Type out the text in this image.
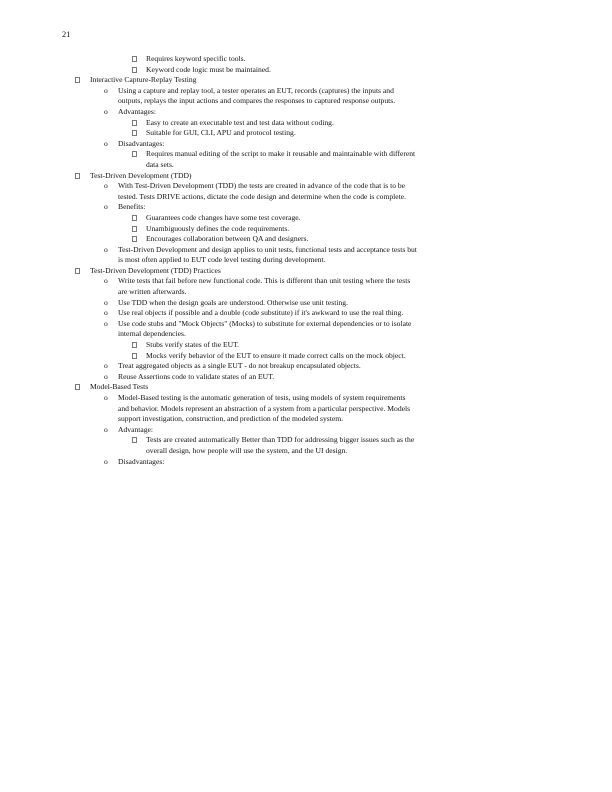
21
Requires keyword specific tools.
Keyword code logic must be maintained.
Interactive Capture-Replay Testing
o Using a capture and replay tool, a tester operates an EUT, records (captures) the inputs and outputs, replays the input actions and compares the responses to captured response outputs.
o Advantages:
Easy to create an executable test and test data without coding.
Suitable for GUI, CLI, APU and protocol testing.
o Disadvantages:
Requires manual editing of the script to make it reusable and maintainable with different data sets.
Test-Driven Development (TDD)
o With Test-Driven Development (TDD) the tests are created in advance of the code that is to be tested. Tests DRIVE actions, dictate the code design and determine when the code is complete.
o Benefits:
Guarantees code changes have some test coverage.
Unambiguously defines the code requirements.
Encourages collaboration between QA and designers.
o Test-Driven Development and design applies to unit tests, functional tests and acceptance tests but is most often applied to EUT code level testing during development.
Test-Driven Development (TDD) Practices
o Write tests that fail before new functional code. This is different than unit testing where the tests are written afterwards.
o Use TDD when the design goals are understood. Otherwise use unit testing.
o Use real objects if possible and a double (code substitute) if it's awkward to use the real thing.
o Use code stubs and "Mock Objects" (Mocks) to substitute for external dependencies or to isolate internal dependencies.
Stubs verify states of the EUT.
Mocks verify behavior of the EUT to ensure it made correct calls on the mock object.
o Treat aggregated objects as a single EUT - do not breakup encapsulated objects.
o Reuse Assertions code to validate states of an EUT.
Model-Based Tests
o Model-Based testing is the automatic generation of tests, using models of system requirements and behavior. Models represent an abstraction of a system from a particular perspective. Models support investigation, construction, and prediction of the modeled system.
o Advantage:
Tests are created automatically Better than TDD for addressing bigger issues such as the overall design, how people will use the system, and the UI design.
o Disadvantages:
